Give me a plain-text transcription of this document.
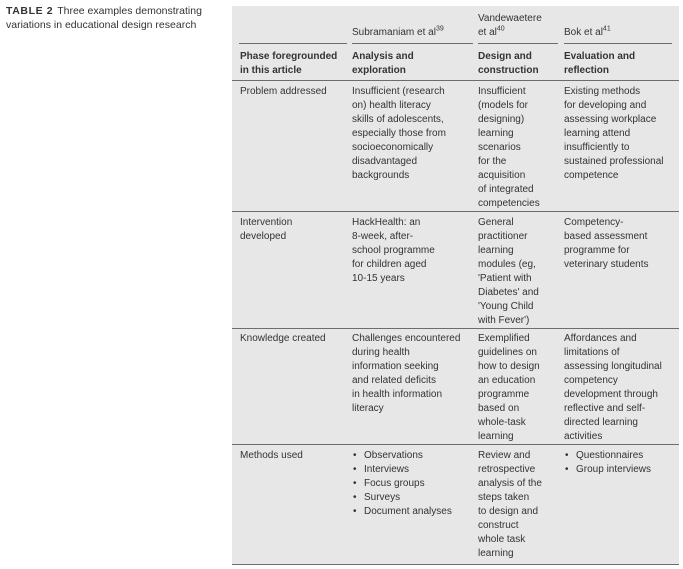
TABLE 2 Three examples demonstrating variations in educational design research
Subramaniam et $al^{39}$
Vandewaetere
et $al^{40}$	Bok et $al^{41}$
Phase foregrounded
in this article
Analysis and
exploration
Design and
construction
Evaluation and
reflection
Problem addressed	Insufficient (research
on) health literacy
skills of adolescents,
especially those from
socioeconomically
disadvantaged
backgrounds
Insufficient
(models for
designing)
learning
scenarios
for the
acquisition
of integrated
competencies
Existing methods
for developing and
assessing workplace
learning attend
insufficiently to
sustained professional
competence
Intervention
developed
HackHealth: an
8-week, after-
school programme
for children aged
10-15 years
General
practitioner
learning
modules (eg,
'Patient with
Diabetes' and
'Young Child
with Fever')
Competency-
based assessment
programme for
veterinary students
Knowledge created	Challenges encountered
during health
information seeking
and related deficits
in health information
literacy
Exemplified
guidelines on
how to design
an education
programme
based on
whole-task
learning
Affordances and
limitations of
assessing longitudinal
competency
development through
reflective and self-
directed learning
activities
Methods used
•	Observations
• Interviews
• Focus groups
• Surveys
• Document analyses
Review and
retrospective
analysis of the
steps taken
to design and
construct
whole task
learning
• Questionnaires
• Group interviews
